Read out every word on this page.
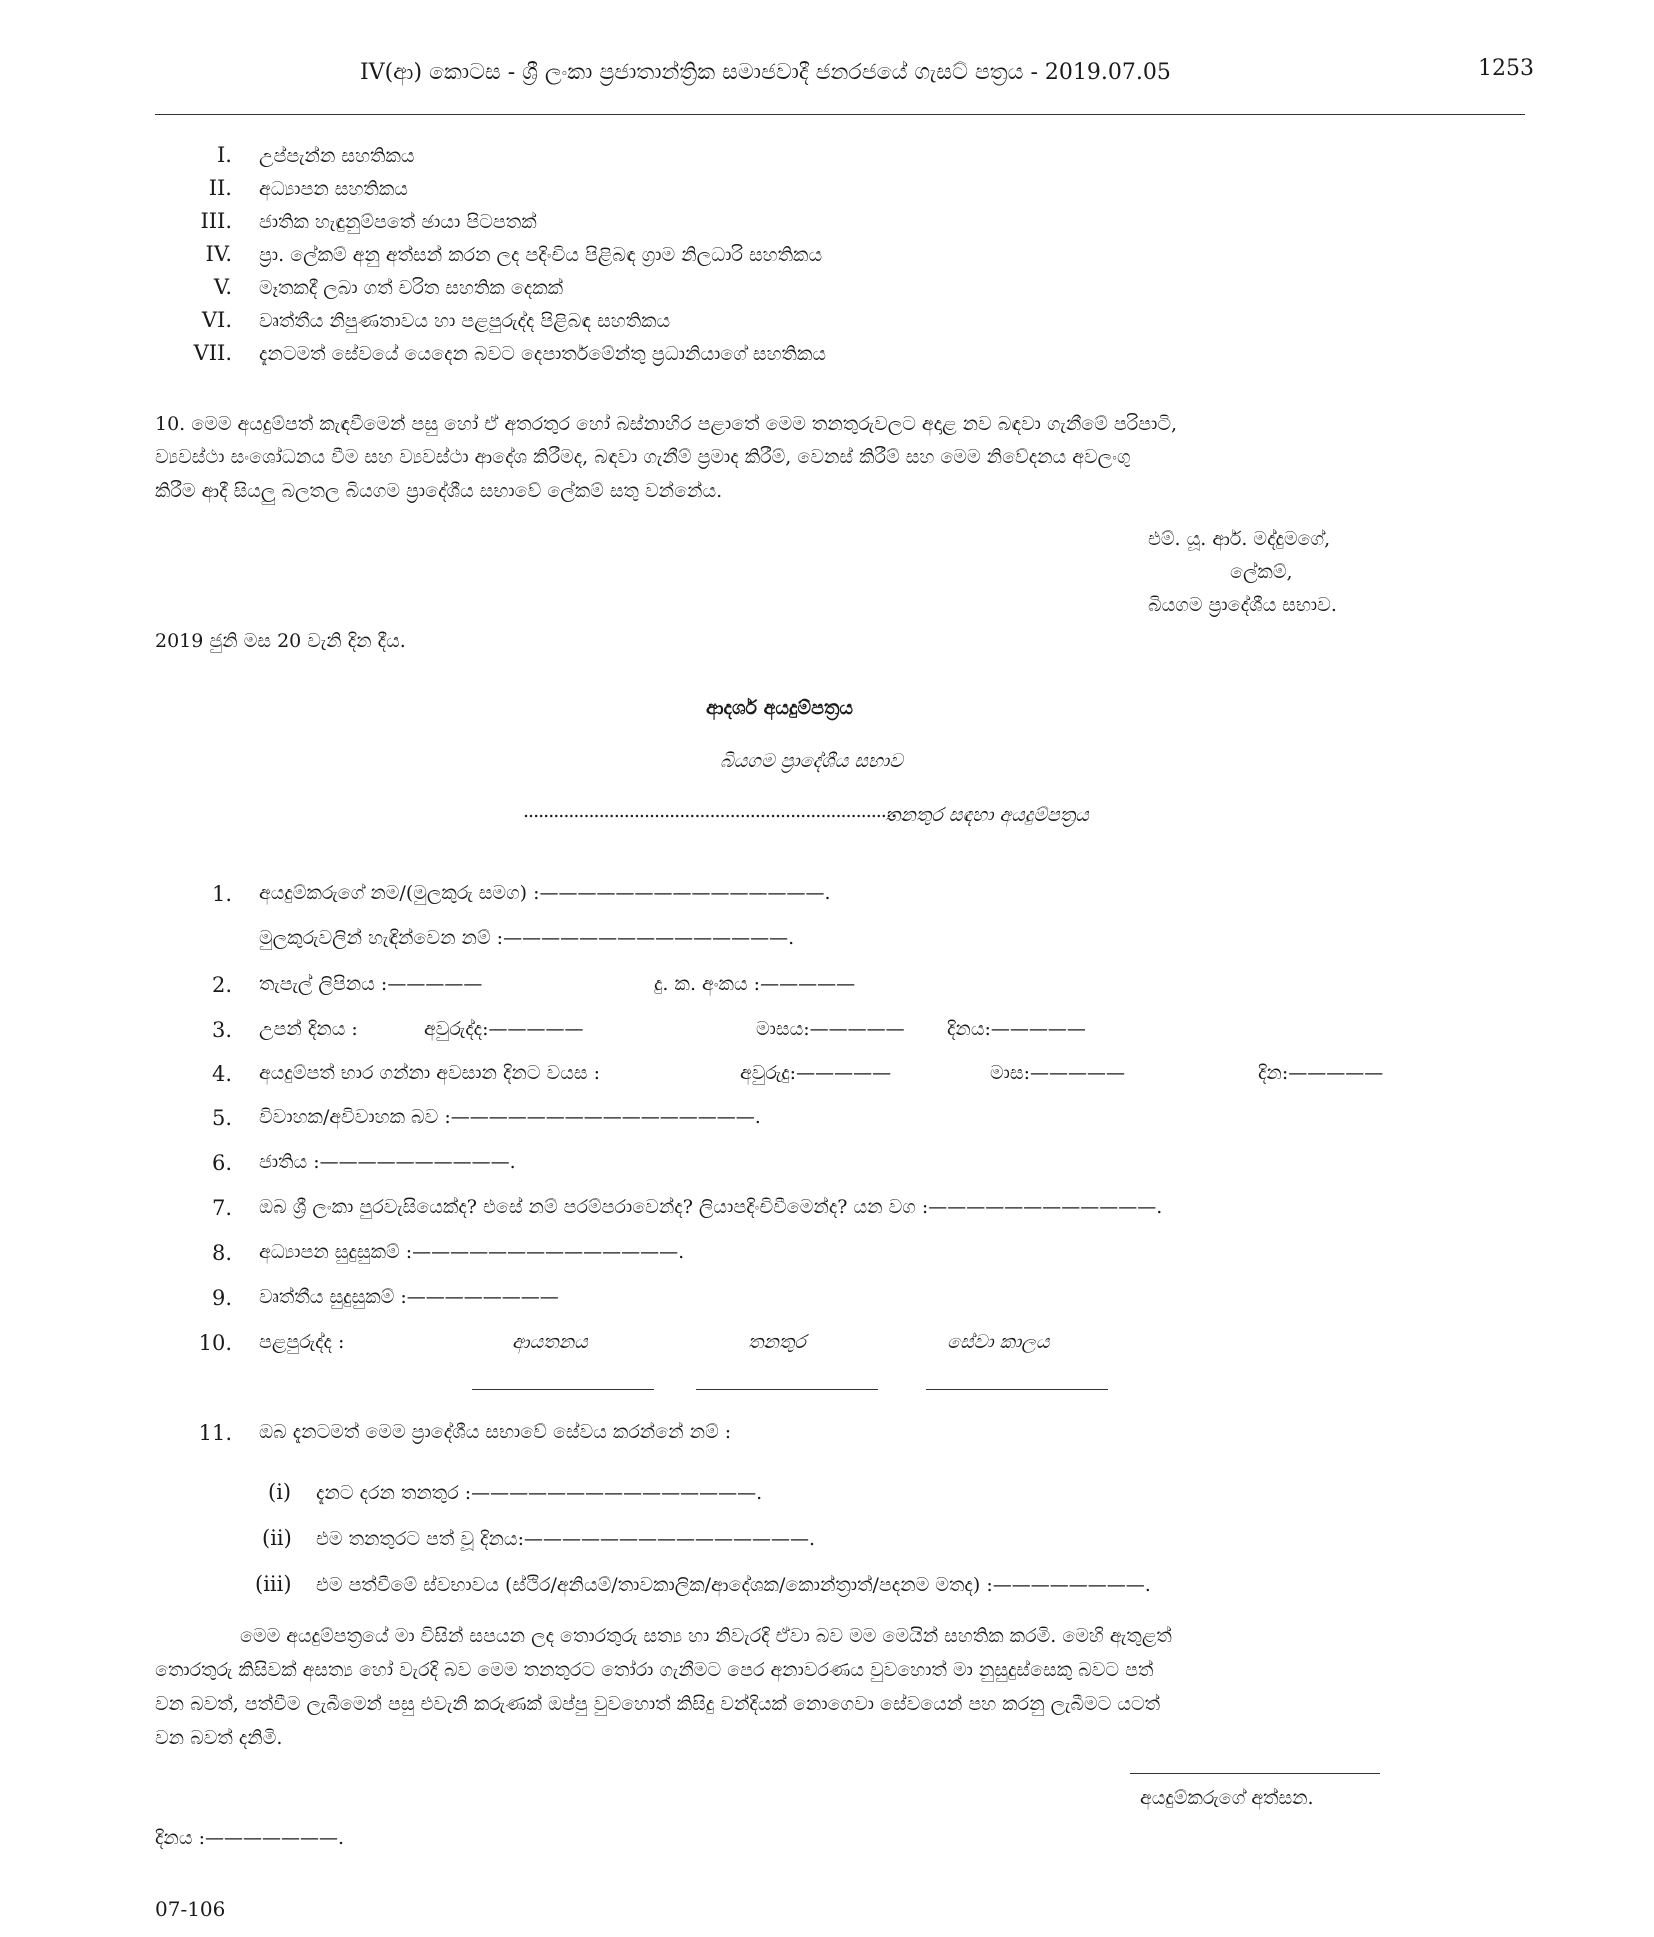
IV(ආ) කොටස - ශ්‍රී ලංකා ප්‍රජාතාන්ත්‍රික සමාජවාදී ජනරජයේ ගැසට් පත්‍රය - 2019.07.05	1253
I. උප්පැන්න සහතිකය
II. අධ්‍යාපන සහතිකය
III. ජාතික හැඳුනුම්පතේ ඡායා පිටපතක්
IV. ප්‍රා. ලේකම් අනු අත්සන් කරන ලද පදිංචිය පිළිබඳ ග්‍රාම නිලධාරි සහතිකය
V. මෑතකදී ලබා ගත් චරිත සහතික දෙකක්
VI. වෘත්තීය නිපුණතාවය හා පළපුරුද්ද පිළිබඳ සහතිකය
VII. දැනටමත් සේවයේ යෙදෙන බවට දෙපාර්තමේන්තු ප්‍රධානියාගේ සහතිකය
10. මෙම අයදුම්පත් කැඳවීමෙන් පසු හෝ ඒ අතරතුර හෝ බස්නාහිර පළාතේ මෙම තනතුරුවලට අදාළ නව බඳවා ගැනීමේ පරිපාටි,
ව්‍යවස්ථා සංශෝධනය වීම සහ ව්‍යවස්ථා ආදේශ කිරීමද, බඳවා ගැනීම් ප්‍රමාද කිරීම්, වෙනස් කිරීම් සහ මෙම නිවේදනය අවලංගු
කිරීම ආදී සියලු බලතල බියගම ප්‍රාදේශීය සභාවේ ලේකම් සතු වන්නේය.
එම්. යූ. ආර්. මද්දුමගේ,
ලේකම්,
බියගම ප්‍රාදේශීය සභාව.
2019 ජුනි මස 20 වැනි දින දීය.
ආදර්ශ අයදුම්පත්‍රය
බියගම ප්‍රාදේශීය සභාව
..........................................................................
තනතුර සඳහා අයදුම්පත්‍රය
1. අයදුම්කරුගේ නම/(මුලකුරු සමග) :———————————————.
මුලකුරුවලින් හැඳින්වෙන නම් :———————————————.
2. තැපැල් ලිපිනය :—————	දු. ක. අංකය :—————
3. උපන් දිනය :	අවුරුද්ද:—————	මාසය:————— දිනය:—————
4. අයදුම්පත් භාර ගන්නා අවසාන දිනට වයස :	අවුරුදු:—————	මාස:—————	දින:—————
5. විවාහක/අවිවාහක බව :————————————————.
6. ජාතිය :——————————.
7. ඔබ ශ්‍රී ලංකා පුරවැසියෙක්ද? එසේ නම් පරම්පරාවෙන්ද? ලියාපදිංචිවීමෙන්ද? යන වග :————————————.
8. අධ්‍යාපන සුදුසුකම් :——————————————.
9. වෘත්තීය සුදුසුකම් :————————
10. පළපුරුද්ද :	ආයතනය	තනතුර	සේවා කාලය
11. ඔබ දැනටමත් මෙම ප්‍රාදේශීය සභාවේ සේවය කරන්නේ නම් :
(i) දැනට දරන තනතුර :———————————————.
(ii) එම තනතුරට පත් වූ දිනය:———————————————.
(iii) එම පත්වීමේ ස්වභාවය (ස්ථිර/අනියම්/තාවකාලික/ආදේශක/කොන්ත්‍රාත්/පදනම මතද) :————————.
මෙම අයදුම්පත්‍රයේ මා විසින් සපයන ලද තොරතුරු සත්‍ය හා නිවැරදි ඒවා බව මම මෙයින් සහතික කරමි. මෙහි ඇතුළත්
තොරතුරු කිසිවක් අසත්‍ය හෝ වැරදි බව මෙම තනතුරට තෝරා ගැනීමට පෙර අනාවරණය වුවහොත් මා නුසුදුස්සෙකු බවට පත්
වන බවත්, පත්වීම ලැබීමෙන් පසු එවැනි කරුණක් ඔප්පු වුවහොත් කිසිදු වන්දියක් නොගෙවා සේවයෙන් පහ කරනු ලැබීමට යටත්
වන බවත් දනිමි.
අයදුම්කරුගේ අත්සන.
දිනය :———————.
07-106
